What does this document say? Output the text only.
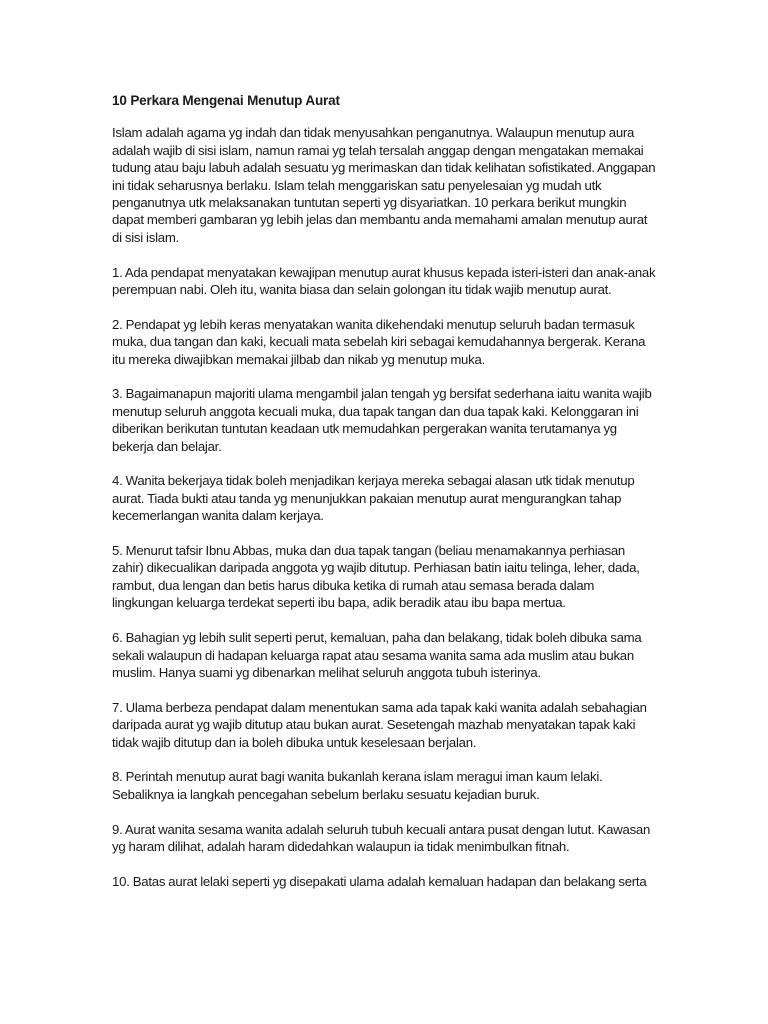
10 Perkara Mengenai Menutup Aurat

Islam adalah agama yg indah dan tidak menyusahkan penganutnya. Walaupun menutup aura adalah wajib di sisi islam, namun ramai yg telah tersalah anggap dengan mengatakan memakai tudung atau baju labuh adalah sesuatu yg merimaskan dan tidak kelihatan sofistikated. Anggapan ini tidak seharusnya berlaku. Islam telah menggariskan satu penyelesaian yg mudah utk penganutnya utk melaksanakan tuntutan seperti yg disyariatkan. 10 perkara berikut mungkin dapat memberi gambaran yg lebih jelas dan membantu anda memahami amalan menutup aurat di sisi islam.

1. Ada pendapat menyatakan kewajipan menutup aurat khusus kepada isteri-isteri dan anak-anak perempuan nabi. Oleh itu, wanita biasa dan selain golongan itu tidak wajib menutup aurat.

2. Pendapat yg lebih keras menyatakan wanita dikehendaki menutup seluruh badan termasuk muka, dua tangan dan kaki, kecuali mata sebelah kiri sebagai kemudahannya bergerak. Kerana itu mereka diwajibkan memakai jilbab dan nikab yg menutup muka.

3. Bagaimanapun majoriti ulama mengambil jalan tengah yg bersifat sederhana iaitu wanita wajib menutup seluruh anggota kecuali muka, dua tapak tangan dan dua tapak kaki. Kelonggaran ini diberikan berikutan tuntutan keadaan utk memudahkan pergerakan wanita terutamanya yg bekerja dan belajar.

4. Wanita bekerjaya tidak boleh menjadikan kerjaya mereka sebagai alasan utk tidak menutup aurat. Tiada bukti atau tanda yg menunjukkan pakaian menutup aurat mengurangkan tahap kecemerlangan wanita dalam kerjaya.

5. Menurut tafsir Ibnu Abbas, muka dan dua tapak tangan (beliau menamakannya perhiasan zahir) dikecualikan daripada anggota yg wajib ditutup. Perhiasan batin iaitu telinga, leher, dada, rambut, dua lengan dan betis harus dibuka ketika di rumah atau semasa berada dalam lingkungan keluarga terdekat seperti ibu bapa, adik beradik atau ibu bapa mertua.

6. Bahagian yg lebih sulit seperti perut, kemaluan, paha dan belakang, tidak boleh dibuka sama sekali walaupun di hadapan keluarga rapat atau sesama wanita sama ada muslim atau bukan muslim. Hanya suami yg dibenarkan melihat seluruh anggota tubuh isterinya.

7. Ulama berbeza pendapat dalam menentukan sama ada tapak kaki wanita adalah sebahagian daripada aurat yg wajib ditutup atau bukan aurat. Sesetengah mazhab menyatakan tapak kaki tidak wajib ditutup dan ia boleh dibuka untuk keselesaan berjalan.

8. Perintah menutup aurat bagi wanita bukanlah kerana islam meragui iman kaum lelaki. Sebaliknya ia langkah pencegahan sebelum berlaku sesuatu kejadian buruk.

9. Aurat wanita sesama wanita adalah seluruh tubuh kecuali antara pusat dengan lutut. Kawasan yg haram dilihat, adalah haram didedahkan walaupun ia tidak menimbulkan fitnah.

10. Batas aurat lelaki seperti yg disepakati ulama adalah kemaluan hadapan dan belakang serta
